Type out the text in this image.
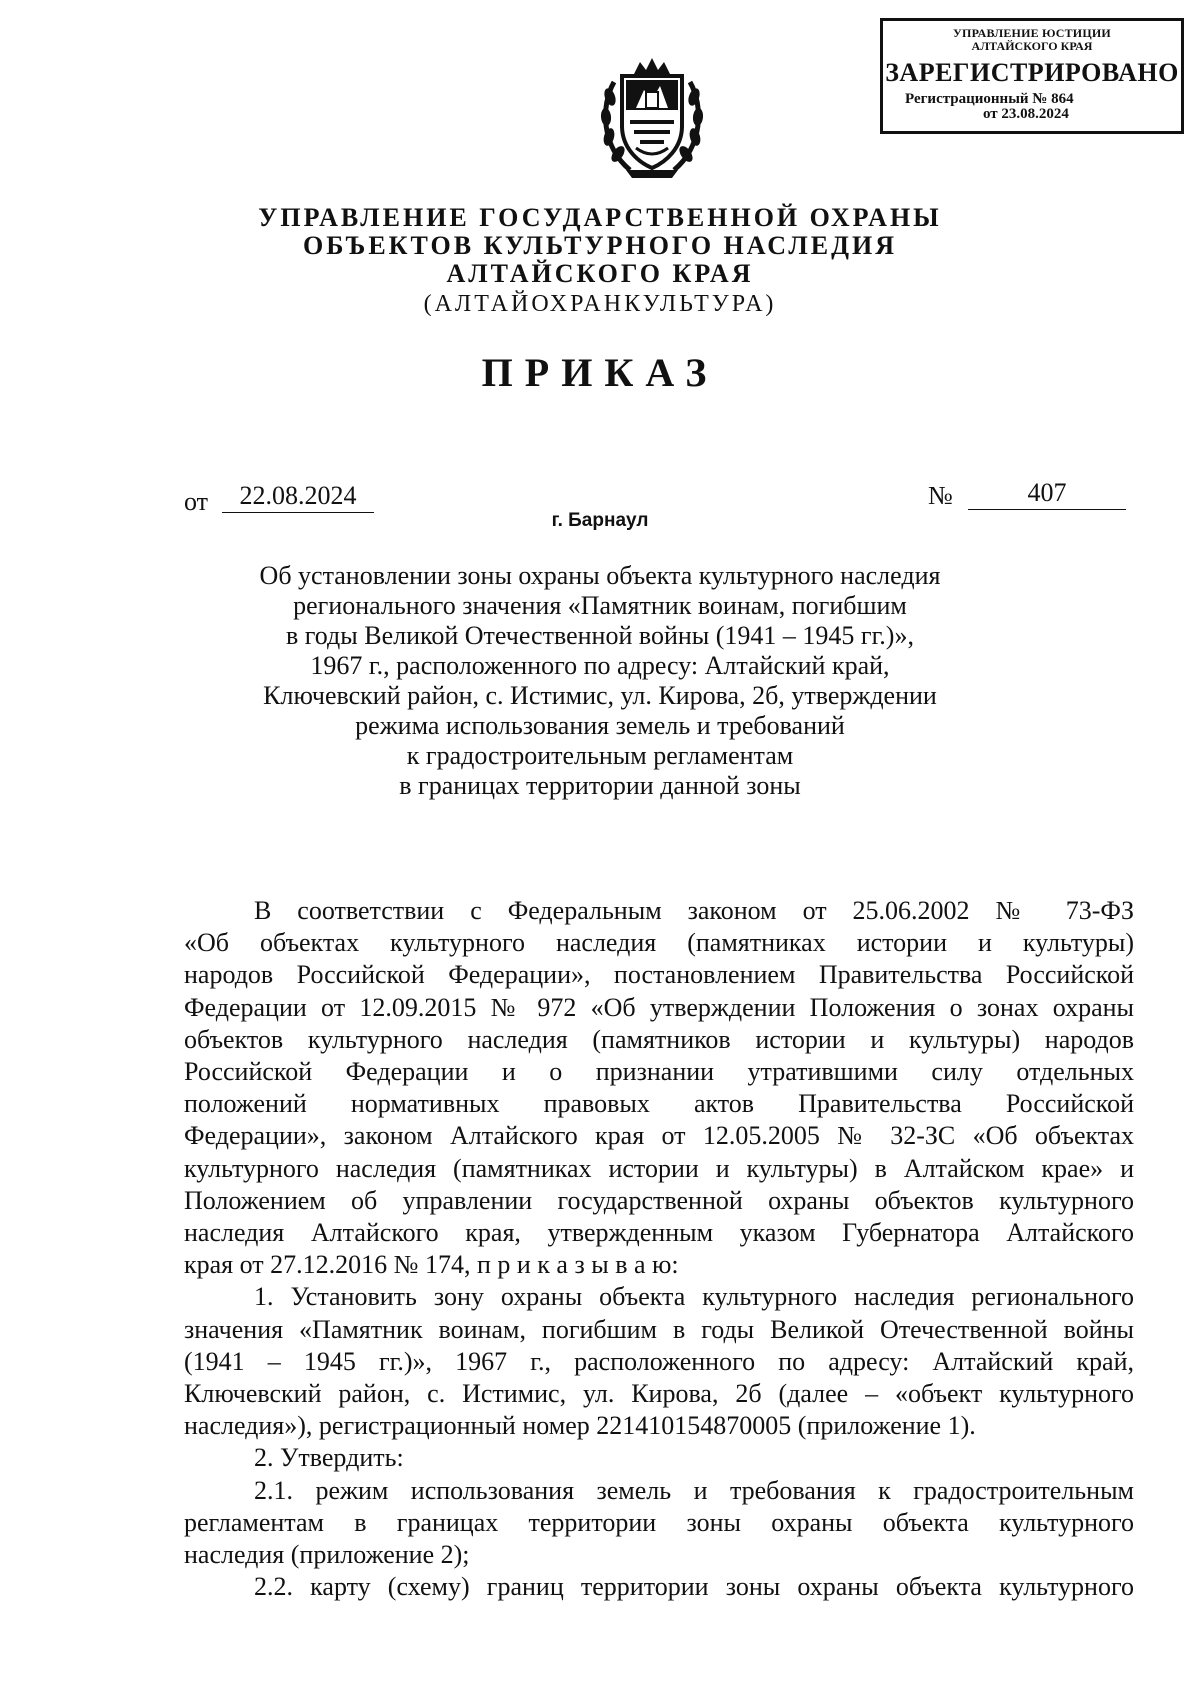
УПРАВЛЕНИЕ ЮСТИЦИИ
АЛТАЙСКОГО КРАЯ
ЗАРЕГИСТРИРОВАНО
Регистрационный № 864
от 23.08.2024
УПРАВЛЕНИЕ ГОСУДАРСТВЕННОЙ ОХРАНЫ
ОБЪЕКТОВ КУЛЬТУРНОГО НАСЛЕДИЯ
АЛТАЙСКОГО КРАЯ
(АЛТАЙОХРАНКУЛЬТУРА)
ПРИКАЗ
от	22.08.2024	№	407
г. Барнаул
Об установлении зоны охраны объекта культурного наследия
регионального значения «Памятник воинам, погибшим
в годы Великой Отечественной войны (1941 – 1945 гг.)»,
1967 г., расположенного по адресу: Алтайский край,
Ключевский район, с. Истимис, ул. Кирова, 2б, утверждении
режима использования земель и требований
к градостроительным регламентам
в границах территории данной зоны
В соответствии с Федеральным законом от 25.06.2002 № 73-ФЗ
«Об объектах культурного наследия (памятниках истории и культуры)
народов Российской Федерации», постановлением Правительства Российской
Федерации от 12.09.2015 № 972 «Об утверждении Положения о зонах охраны
объектов культурного наследия (памятников истории и культуры) народов
Российской Федерации и о признании утратившими силу отдельных
положений нормативных правовых актов Правительства Российской
Федерации», законом Алтайского края от 12.05.2005 № 32-ЗС «Об объектах
культурного наследия (памятниках истории и культуры) в Алтайском крае» и
Положением об управлении государственной охраны объектов культурного
наследия Алтайского края, утвержденным указом Губернатора Алтайского
края от 27.12.2016 № 174, п р и к а з ы в а ю:
1. Установить зону охраны объекта культурного наследия регионального
значения «Памятник воинам, погибшим в годы Великой Отечественной войны
(1941 – 1945 гг.)», 1967 г., расположенного по адресу: Алтайский край,
Ключевский район, с. Истимис, ул. Кирова, 2б (далее – «объект культурного
наследия»), регистрационный номер 221410154870005 (приложение 1).
2. Утвердить:
2.1. режим использования земель и требования к градостроительным
регламентам в границах территории зоны охраны объекта культурного
наследия (приложение 2);
2.2. карту (схему) границ территории зоны охраны объекта культурного
